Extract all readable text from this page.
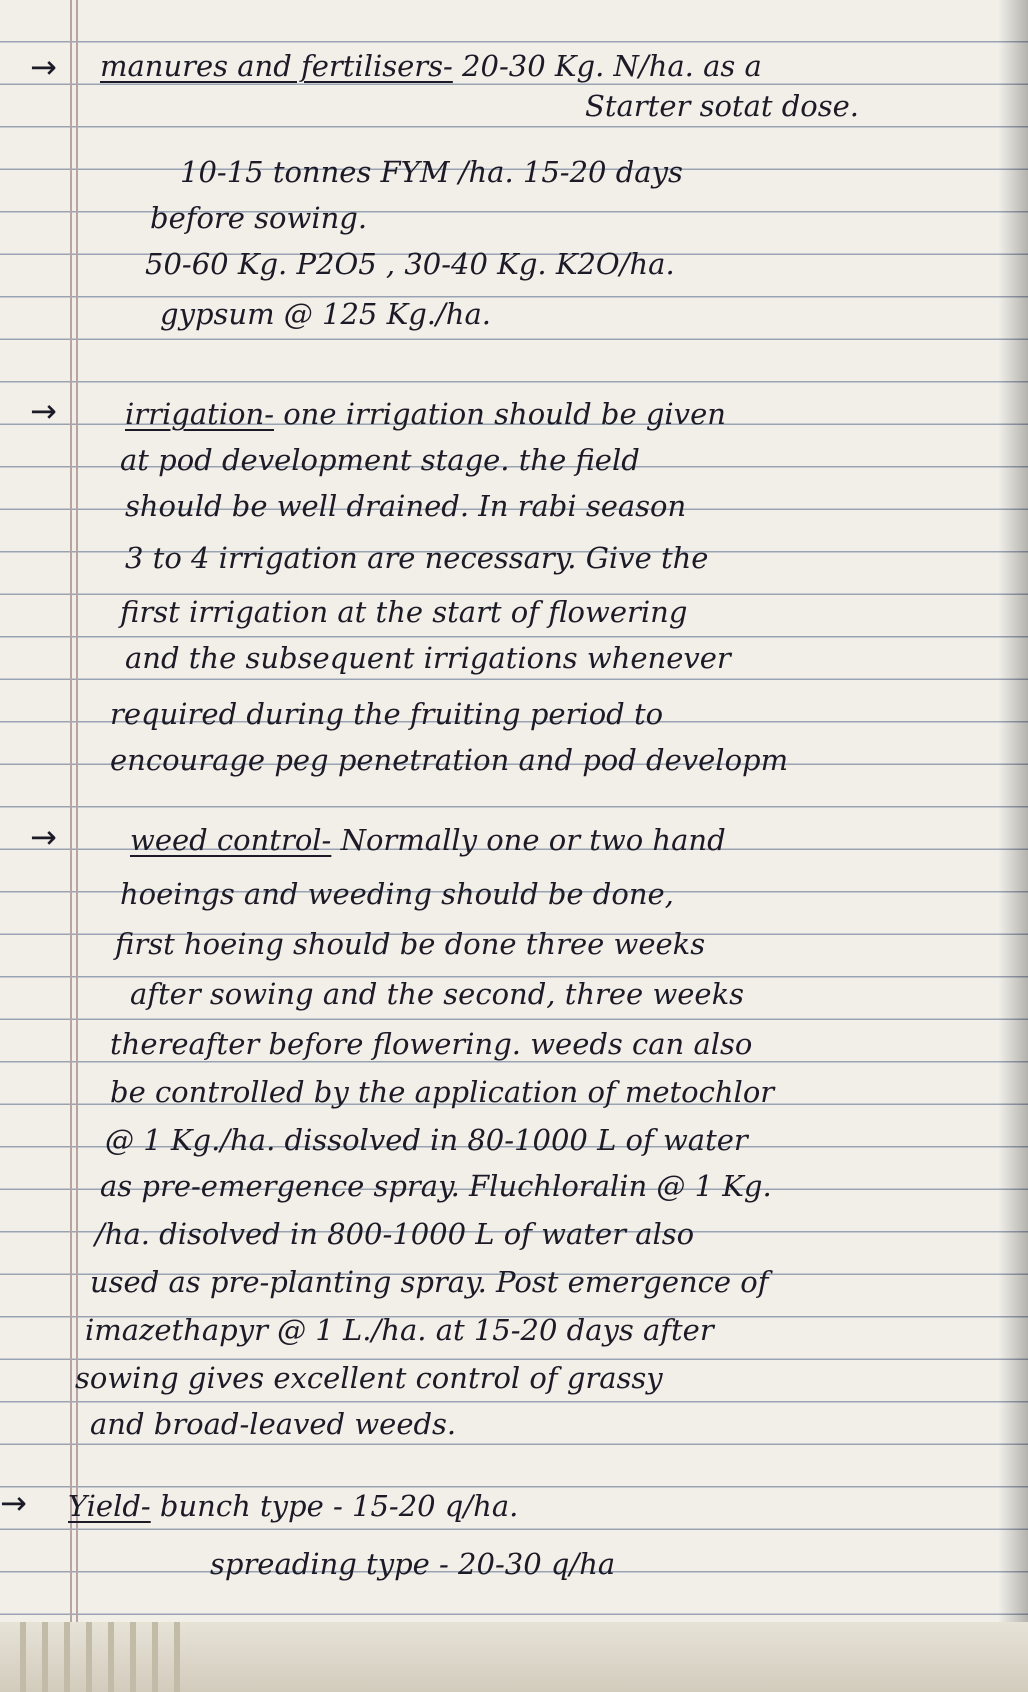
→ manures and fertilisers- 20-30 Kg. N/ha. as a
Starter sotat dose.
10-15 tonnes FYM /ha. 15-20 days
before sowing.
50-60 Kg. P2O5 , 30-40 Kg. K2O/ha.
gypsum @ 125 Kg./ha.
→ irrigation- one irrigation should be given
at pod development stage. the field
should be well drained. In rabi season
3 to 4 irrigation are necessary. Give the
first irrigation at the start of flowering
and the subsequent irrigations whenever
required during the fruiting period to
encourage peg penetration and pod developm
→	weed control- Normally one or two hand
hoeings and weeding should be done,
first hoeing should be done three weeks
after sowing and the second, three weeks
thereafter before flowering. weeds can also
be controlled by the application of metochlor
@ 1 Kg./ha. dissolved in 80-1000 L of water
as pre-emergence spray. Fluchloralin @ 1 Kg.
/ha. disolved in 800-1000 L of water also
used as pre-planting spray. Post emergence of
imazethapyr @ 1 L./ha. at 15-20 days after
sowing gives excellent control of grassy
and broad-leaved weeds.
→ Yield- bunch type - 15-20 q/ha.
spreading type - 20-30 q/ha
